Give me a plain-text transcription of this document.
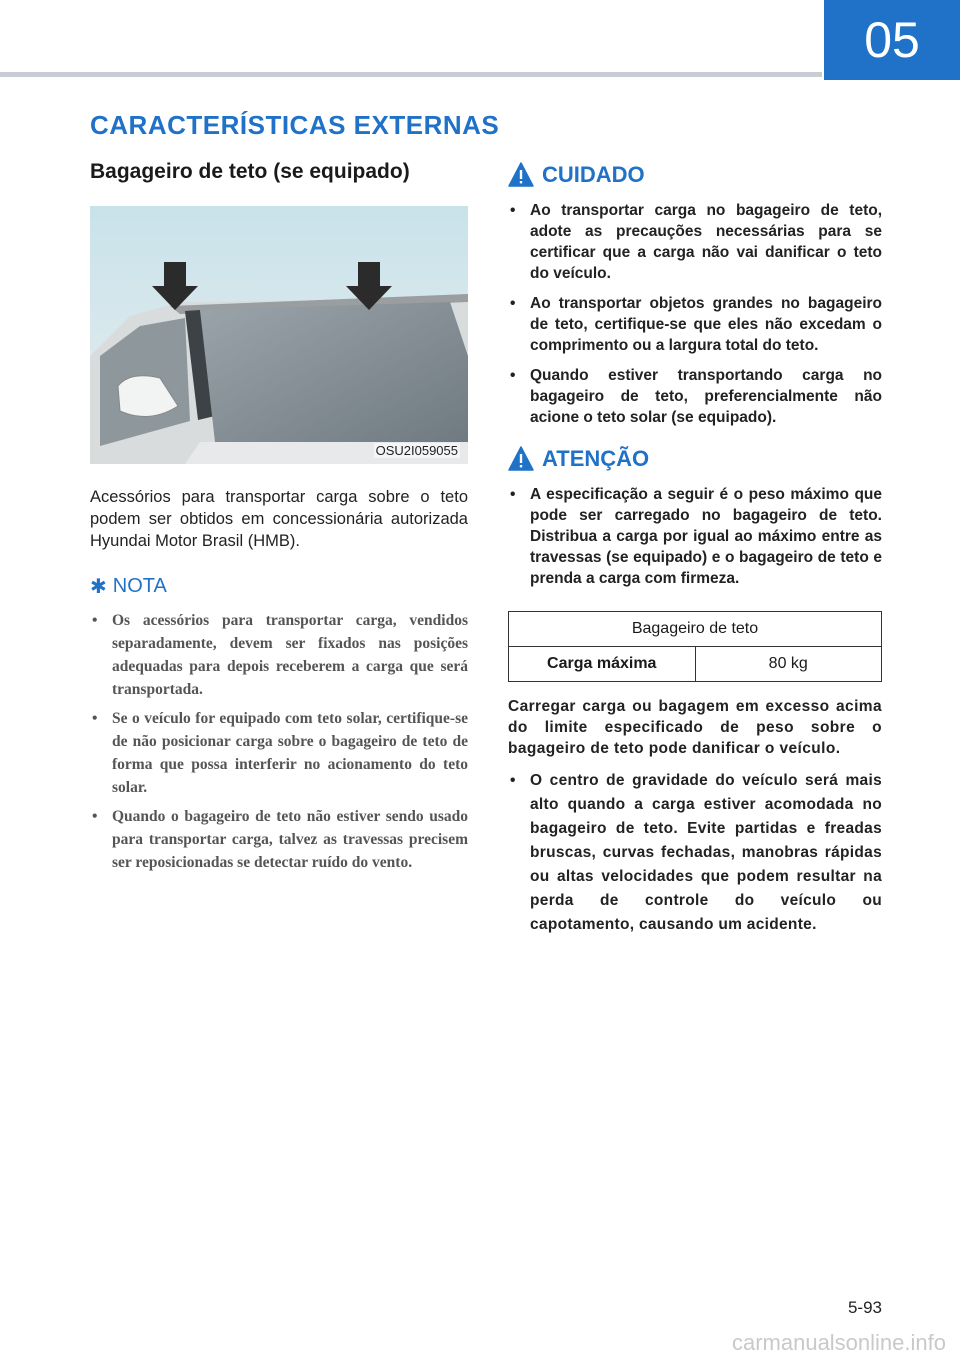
05
CARACTERÍSTICAS EXTERNAS
Bagageiro de teto (se equipado)
OSU2I059055

Acessórios para transportar carga sobre o teto podem ser obtidos em concessionária autorizada Hyundai Motor Brasil (HMB).

✱ NOTA
• Os acessórios para transportar carga, vendidos separadamente, devem ser fixados nas posições adequadas para depois receberem a carga que será transportada.
• Se o veículo for equipado com teto solar, certifique-se de não posicionar carga sobre o bagageiro de teto de forma que possa interferir no acionamento do teto solar.
• Quando o bagageiro de teto não estiver sendo usado para transportar carga, talvez as travessas precisem ser reposicionadas se detectar ruído do vento.
CUIDADO
• Ao transportar carga no bagageiro de teto, adote as precauções necessárias para se certificar que a carga não vai danificar o teto do veículo.
• Ao transportar objetos grandes no bagageiro de teto, certifique-se que eles não excedam o comprimento ou a largura total do teto.
• Quando estiver transportando carga no bagageiro de teto, preferencialmente não acione o teto solar (se equipado).
ATENÇÃO
• A especificação a seguir é o peso máximo que pode ser carregado no bagageiro de teto. Distribua a carga por igual ao máximo entre as travessas (se equipado) e o bagageiro de teto e prenda a carga com firmeza.
Bagageiro de teto
Carga máxima	80 kg

Carregar carga ou bagagem em excesso acima do limite especificado de peso sobre o bagageiro de teto pode danificar o veículo.

• O centro de gravidade do veículo será mais alto quando a carga estiver acomodada no bagageiro de teto. Evite partidas e freadas bruscas, curvas fechadas, manobras rápidas ou altas velocidades que podem resultar na perda de controle do veículo ou capotamento, causando um acidente.
5-93
carmanualsonline.info
